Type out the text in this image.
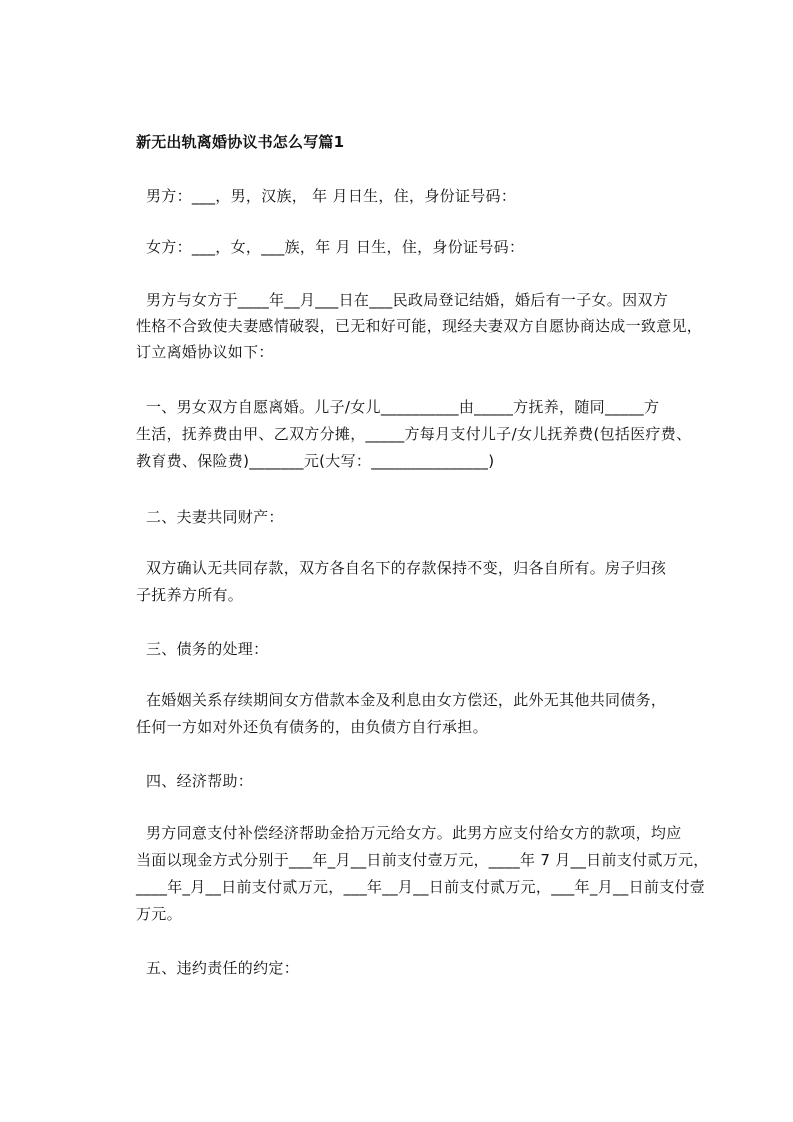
新无出轨离婚协议书怎么写篇1
男方：___，男，汉族， 年 月日生，住，身份证号码：
女方：___，女，___族，年 月 日生，住，身份证号码：
男方与女方于____年__月___日在___民政局登记结婚，婚后有一子女。因双方
性格不合致使夫妻感情破裂，已无和好可能，现经夫妻双方自愿协商达成一致意见，
订立离婚协议如下：
一、男女双方自愿离婚。儿子/女儿__________由_____方抚养，随同_____方
生活，抚养费由甲、乙双方分摊，_____方每月支付儿子/女儿抚养费(包括医疗费、
教育费、保险费)_______元(大写：_______________)
二、夫妻共同财产：
双方确认无共同存款，双方各自名下的存款保持不变，归各自所有。房子归孩
子抚养方所有。
三、债务的处理：
在婚姻关系存续期间女方借款本金及利息由女方偿还，此外无其他共同债务，
任何一方如对外还负有债务的，由负债方自行承担。
四、经济帮助：
男方同意支付补偿经济帮助金拾万元给女方。此男方应支付给女方的款项，均应
当面以现金方式分别于___年_月__日前支付壹万元，____年 7 月__日前支付贰万元，
____年_月__日前支付贰万元，___年__月__日前支付贰万元，___年_月__日前支付壹
万元。
五、违约责任的约定：
